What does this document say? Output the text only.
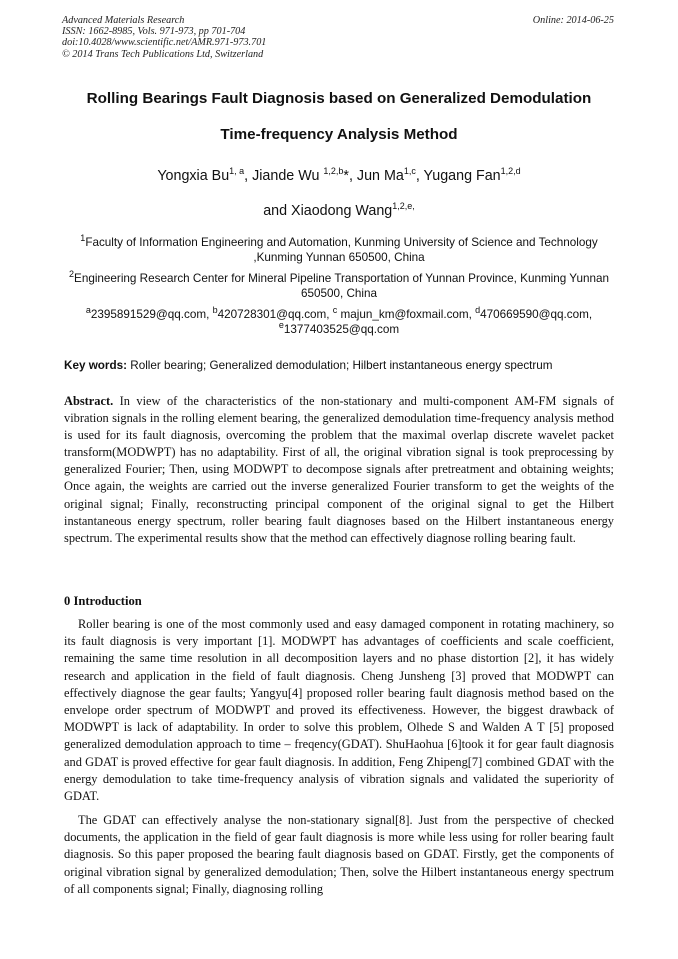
Advanced Materials Research
ISSN: 1662-8985, Vols. 971-973, pp 701-704
doi:10.4028/www.scientific.net/AMR.971-973.701
© 2014 Trans Tech Publications Ltd, Switzerland
Online: 2014-06-25
Rolling Bearings Fault Diagnosis based on Generalized Demodulation
Time-frequency Analysis Method
Yongxia Bu$^{1, a}$, Jiande Wu $^{1,2,b}$*, Jun Ma$^{1,c}$, Yugang Fan$^{1,2,d}$
and Xiaodong Wang$^{1,2,e,}$
$^1$Faculty of Information Engineering and Automation, Kunming University of Science and Technology ,Kunming Yunnan 650500, China
$^2$Engineering Research Center for Mineral Pipeline Transportation of Yunnan Province, Kunming Yunnan 650500, China
$^a$2395891529@qq.com, $^b$420728301@qq.com, $^c$ majun_km@foxmail.com, $^d$470669590@qq.com,
$^e$1377403525@qq.com
Key words: Roller bearing; Generalized demodulation; Hilbert instantaneous energy spectrum
Abstract. In view of the characteristics of the non-stationary and multi-component AM-FM signals of vibration signals in the rolling element bearing, the generalized demodulation time-frequency analysis method is used for its fault diagnosis, overcoming the problem that the maximal overlap discrete wavelet packet transform(MODWPT) has no adaptability. First of all, the original vibration signal is took preprocessing by generalized Fourier; Then, using MODWPT to decompose signals after pretreatment and obtaining weights; Once again, the weights are carried out the inverse generalized Fourier transform to get the weights of the original signal; Finally, reconstructing principal component of the original signal to get the Hilbert instantaneous energy spectrum, roller bearing fault diagnoses based on the Hilbert instantaneous energy spectrum. The experimental results show that the method can effectively diagnose rolling bearing fault.
0 Introduction
Roller bearing is one of the most commonly used and easy damaged component in rotating machinery, so its fault diagnosis is very important [1]. MODWPT has advantages of coefficients and scale coefficient, remaining the same time resolution in all decomposition layers and no phase distortion [2], it has widely research and application in the field of fault diagnosis. Cheng Junsheng [3] proved that MODWPT can effectively diagnose the gear faults; Yangyu[4] proposed roller bearing fault diagnosis method based on the envelope order spectrum of MODWPT and proved its effectiveness. However, the biggest drawback of MODWPT is lack of adaptability. In order to solve this problem, Olhede S and Walden A T [5] proposed generalized demodulation approach to time – freqency(GDAT). ShuHaohua [6]took it for gear fault diagnosis and GDAT is proved effective for gear fault diagnosis. In addition, Feng Zhipeng[7] combined GDAT with the energy demodulation to take time-frequency analysis of vibration signals and validated the superiority of GDAT.
The GDAT can effectively analyse the non-stationary signal[8]. Just from the perspective of checked documents, the application in the field of gear fault diagnosis is more while less using for roller bearing fault diagnosis. So this paper proposed the bearing fault diagnosis based on GDAT. Firstly, get the components of original vibration signal by generalized demodulation; Then, solve the Hilbert instantaneous energy spectrum of all components signal; Finally, diagnosing rolling
